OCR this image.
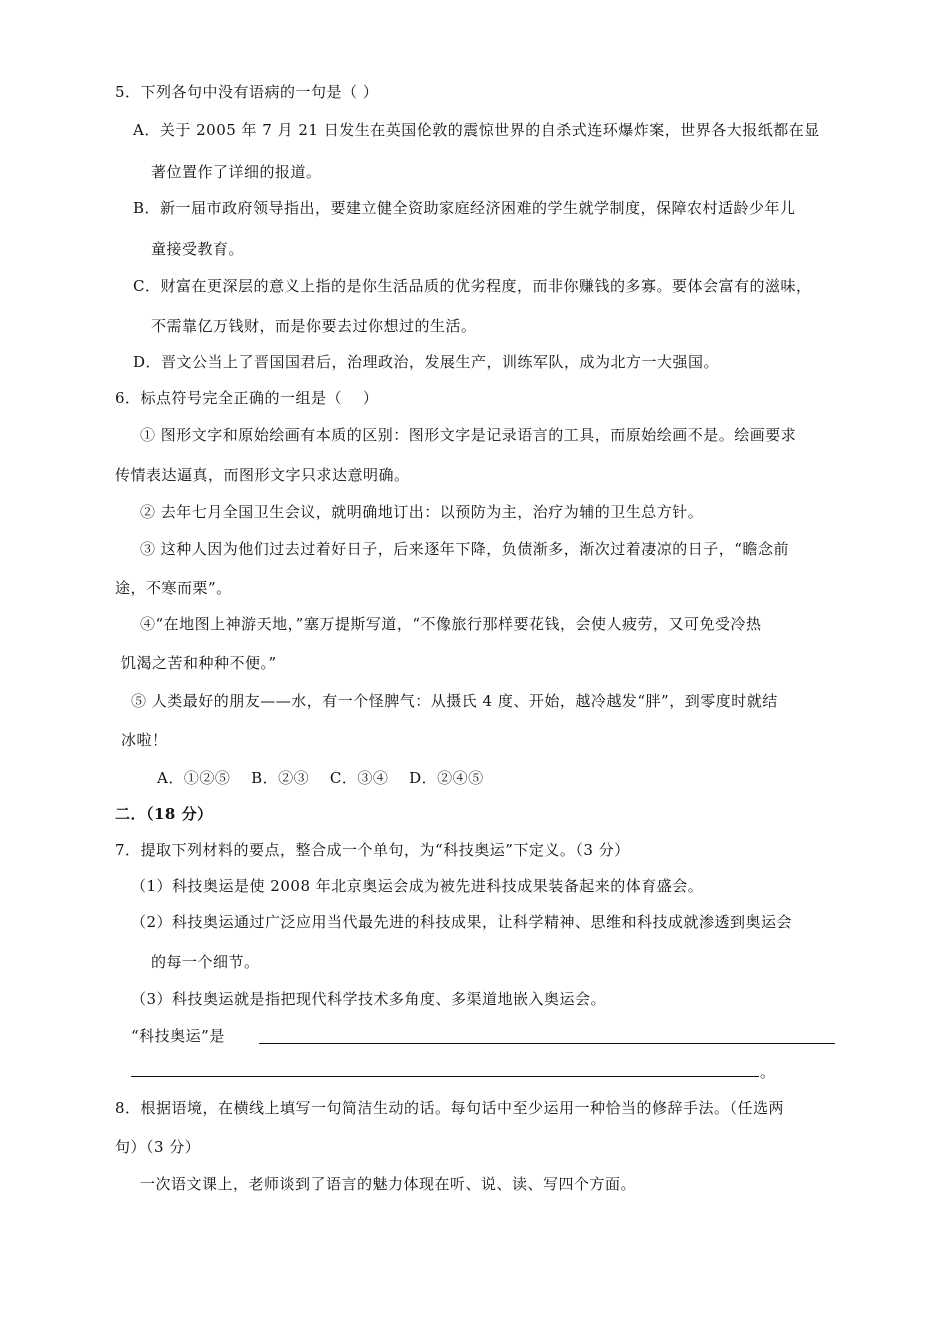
5．下列各句中没有语病的一句是（ ）
A．关于 2005 年 7 月 21 日发生在英国伦敦的震惊世界的自杀式连环爆炸案，世界各大报纸都在显
著位置作了详细的报道。
B．新一届市政府领导指出，要建立健全资助家庭经济困难的学生就学制度，保障农村适龄少年儿
童接受教育。
C．财富在更深层的意义上指的是你生活品质的优劣程度，而非你赚钱的多寡。要体会富有的滋味，
不需靠亿万钱财，而是你要去过你想过的生活。
D．晋文公当上了晋国国君后，治理政治，发展生产，训练军队，成为北方一大强国。
6．标点符号完全正确的一组是（　 ）
① 图形文字和原始绘画有本质的区别：图形文字是记录语言的工具，而原始绘画不是。绘画要求
传情表达逼真，而图形文字只求达意明确。
② 去年七月全国卫生会议，就明确地订出：以预防为主，治疗为辅的卫生总方针。
③ 这种人因为他们过去过着好日子，后来逐年下降，负债渐多，渐次过着凄凉的日子，“瞻念前
途，不寒而栗”。
④“在地图上神游天地，”塞万提斯写道，“不像旅行那样要花钱，会使人疲劳，又可免受冷热
饥渴之苦和种种不便。”
⑤ 人类最好的朋友——水，有一个怪脾气：从摄氏 4 度、开始，越冷越发“胖”，到零度时就结
冰啦！
A．①②⑤　 B．②③　 C．③④　 D．②④⑤
二．（18 分）
7．提取下列材料的要点，整合成一个单句，为“科技奥运”下定义。（3 分）
（1）科技奥运是使 2008 年北京奥运会成为被先进科技成果装备起来的体育盛会。
（2）科技奥运通过广泛应用当代最先进的科技成果，让科学精神、思维和科技成就渗透到奥运会
的每一个细节。
（3）科技奥运就是指把现代科学技术多角度、多渠道地嵌入奥运会。
“科技奥运”是
。
8．根据语境，在横线上填写一句简洁生动的话。每句话中至少运用一种恰当的修辞手法。（任选两
句）（3 分）
一次语文课上，老师谈到了语言的魅力体现在听、说、读、写四个方面。
